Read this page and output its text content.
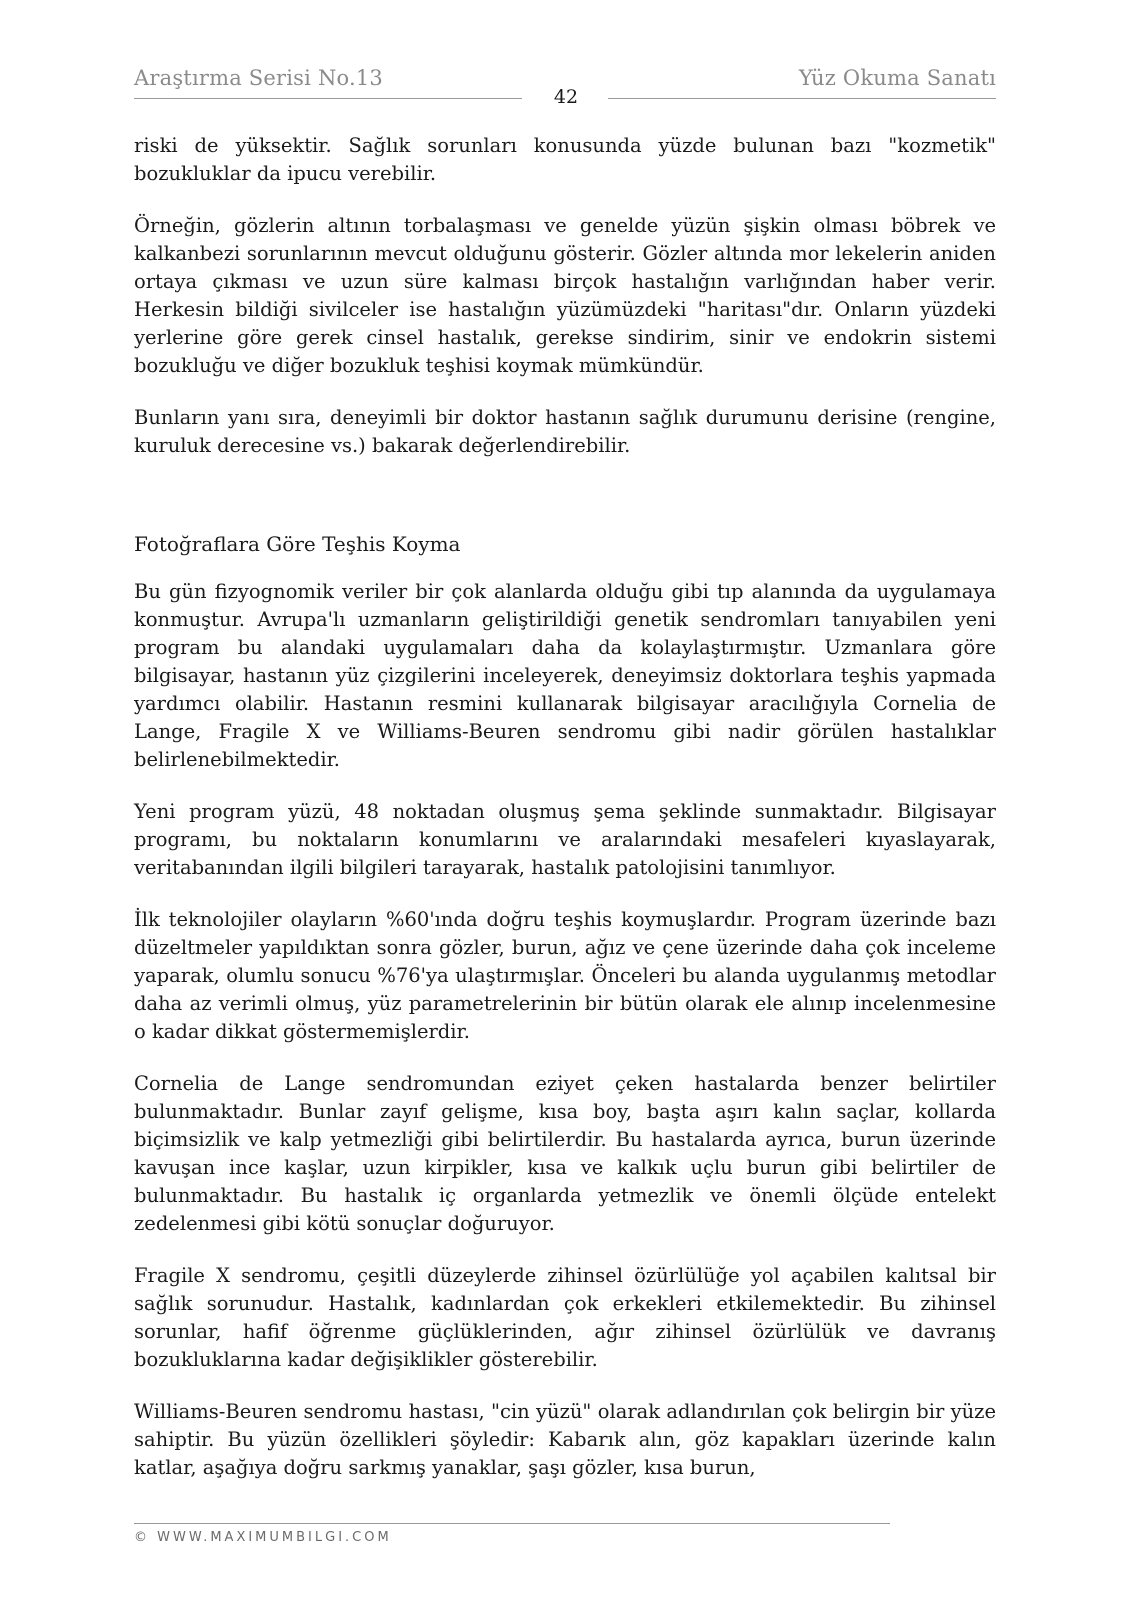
Araştırma Serisi No.13	Yüz Okuma Sanatı
42

riski de yüksektir. Sağlık sorunları konusunda yüzde bulunan bazı "kozmetik" bozukluklar da ipucu verebilir.

Örneğin, gözlerin altının torbalaşması ve genelde yüzün şişkin olması böbrek ve kalkanbezi sorunlarının mevcut olduğunu gösterir. Gözler altında mor lekelerin aniden ortaya çıkması ve uzun süre kalması birçok hastalığın varlığından haber verir. Herkesin bildiği sivilceler ise hastalığın yüzümüzdeki "haritası"dır. Onların yüzdeki yerlerine göre gerek cinsel hastalık, gerekse sindirim, sinir ve endokrin sistemi bozukluğu ve diğer bozukluk teşhisi koymak mümkündür.

Bunların yanı sıra, deneyimli bir doktor hastanın sağlık durumunu derisine (rengine, kuruluk derecesine vs.) bakarak değerlendirebilir.

Fotoğraflara Göre Teşhis Koyma

Bu gün fizyognomik veriler bir çok alanlarda olduğu gibi tıp alanında da uygulamaya konmuştur. Avrupa'lı uzmanların geliştirildiği genetik sendromları tanıyabilen yeni program bu alandaki uygulamaları daha da kolaylaştırmıştır. Uzmanlara göre bilgisayar, hastanın yüz çizgilerini inceleyerek, deneyimsiz doktorlara teşhis yapmada yardımcı olabilir. Hastanın resmini kullanarak bilgisayar aracılığıyla Cornelia de Lange, Fragile X ve Williams-Beuren sendromu gibi nadir görülen hastalıklar belirlenebilmektedir.

Yeni program yüzü, 48 noktadan oluşmuş şema şeklinde sunmaktadır. Bilgisayar programı, bu noktaların konumlarını ve aralarındaki mesafeleri kıyaslayarak, veritabanından ilgili bilgileri tarayarak, hastalık patolojisini tanımlıyor.

İlk teknolojiler olayların %60'ında doğru teşhis koymuşlardır. Program üzerinde bazı düzeltmeler yapıldıktan sonra gözler, burun, ağız ve çene üzerinde daha çok inceleme yaparak, olumlu sonucu %76'ya ulaştırmışlar. Önceleri bu alanda uygulanmış metodlar daha az verimli olmuş, yüz parametrelerinin bir bütün olarak ele alınıp incelenmesine o kadar dikkat göstermemişlerdir.

Cornelia de Lange sendromundan eziyet çeken hastalarda benzer belirtiler bulunmaktadır. Bunlar zayıf gelişme, kısa boy, başta aşırı kalın saçlar, kollarda biçimsizlik ve kalp yetmezliği gibi belirtilerdir. Bu hastalarda ayrıca, burun üzerinde kavuşan ince kaşlar, uzun kirpikler, kısa ve kalkık uçlu burun gibi belirtiler de bulunmaktadır. Bu hastalık iç organlarda yetmezlik ve önemli ölçüde entelekt zedelenmesi gibi kötü sonuçlar doğuruyor.

Fragile X sendromu, çeşitli düzeylerde zihinsel özürlülüğe yol açabilen kalıtsal bir sağlık sorunudur. Hastalık, kadınlardan çok erkekleri etkilemektedir. Bu zihinsel sorunlar, hafif öğrenme güçlüklerinden, ağır zihinsel özürlülük ve davranış bozukluklarına kadar değişiklikler gösterebilir.

Williams-Beuren sendromu hastası, "cin yüzü" olarak adlandırılan çok belirgin bir yüze sahiptir. Bu yüzün özellikleri şöyledir: Kabarık alın, göz kapakları üzerinde kalın katlar, aşağıya doğru sarkmış yanaklar, şaşı gözler, kısa burun,

© WWW.MAXIMUMBILGI.COM
